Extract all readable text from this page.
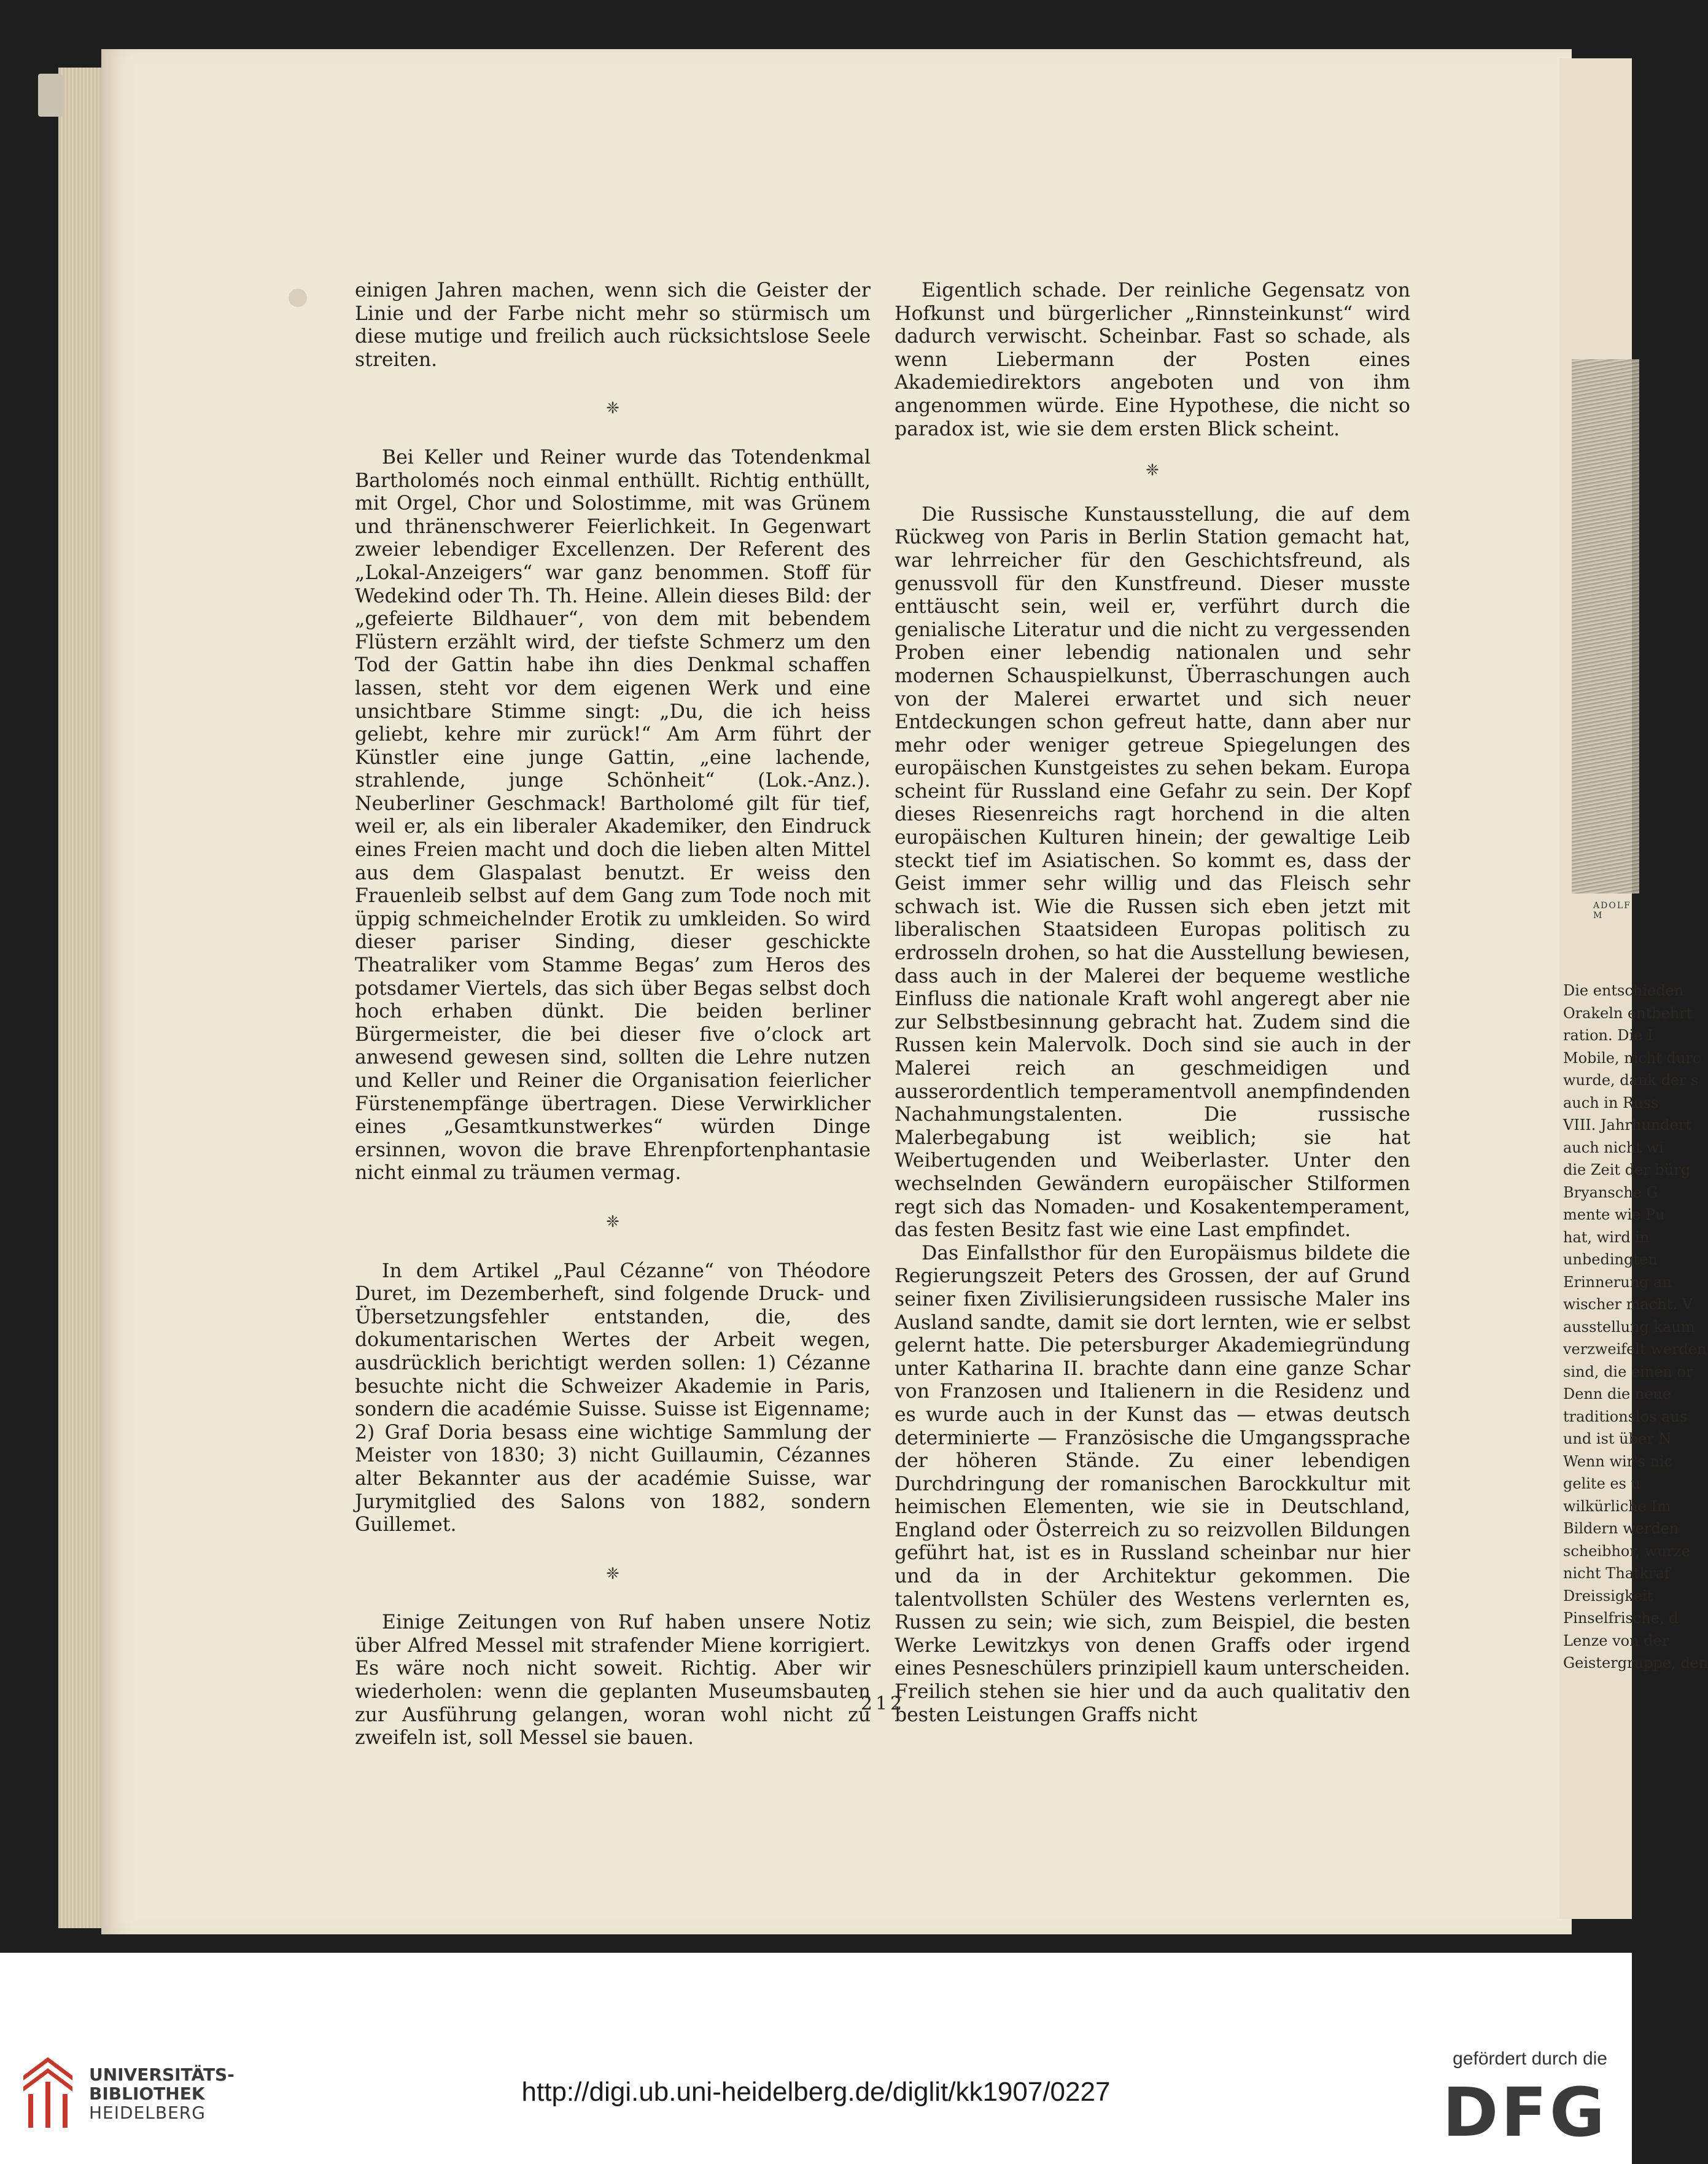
ADOLF M
Die entschieden
Orakeln entbehrt
ration. Die I
Mobile, nicht durc
wurde, dank der s
auch in Russ
VIII. Jahrhundert
auch nicht wi
die Zeit der bürg
Bryansche G
mente wie Pu
hat, wird in
unbedingten
Erinnerung an
wischer macht. V
ausstellung kaum
verzweifelt werden
sind, die einen or
Denn die neue
traditionslos aus
und ist über N
Wenn wir's nic
gelite es u
wilkürliche Im
Bildern werden
scheibhor, wurze
nicht Thatkraf
Dreissigkeit
Pinselfrische, d
Lenze von der
Geistergruppe, den

einigen Jahren machen, wenn sich die Geister der Linie und der Farbe nicht mehr so stürmisch um diese mutige und freilich auch rücksichtslose Seele streiten.

❈

Bei Keller und Reiner wurde das Totendenkmal Bartholomés noch einmal enthüllt. Richtig enthüllt, mit Orgel, Chor und Solostimme, mit was Grünem und thränenschwerer Feierlichkeit. In Gegenwart zweier lebendiger Excellenzen. Der Referent des „Lokal-Anzeigers“ war ganz benommen. Stoff für Wedekind oder Th. Th. Heine. Allein dieses Bild: der „gefeierte Bildhauer“, von dem mit bebendem Flüstern erzählt wird, der tiefste Schmerz um den Tod der Gattin habe ihn dies Denkmal schaffen lassen, steht vor dem eigenen Werk und eine unsichtbare Stimme singt: „Du, die ich heiss geliebt, kehre mir zurück!“ Am Arm führt der Künstler eine junge Gattin, „eine lachende, strahlende, junge Schönheit“ (Lok.-Anz.). Neuberliner Geschmack! Bartholomé gilt für tief, weil er, als ein liberaler Akademiker, den Eindruck eines Freien macht und doch die lieben alten Mittel aus dem Glaspalast benutzt. Er weiss den Frauenleib selbst auf dem Gang zum Tode noch mit üppig schmeichelnder Erotik zu umkleiden. So wird dieser pariser Sinding, dieser geschickte Theatraliker vom Stamme Begas’ zum Heros des potsdamer Viertels, das sich über Begas selbst doch hoch erhaben dünkt. Die beiden berliner Bürgermeister, die bei dieser five o’clock art anwesend gewesen sind, sollten die Lehre nutzen und Keller und Reiner die Organisation feierlicher Fürstenempfänge übertragen. Diese Verwirklicher eines „Gesamtkunstwerkes“ würden Dinge ersinnen, wovon die brave Ehrenpfortenphantasie nicht einmal zu träumen vermag.

❈

In dem Artikel „Paul Cézanne“ von Théodore Duret, im Dezemberheft, sind folgende Druck- und Übersetzungsfehler entstanden, die, des dokumentarischen Wertes der Arbeit wegen, ausdrücklich berichtigt werden sollen: 1) Cézanne besuchte nicht die Schweizer Akademie in Paris, sondern die académie Suisse. Suisse ist Eigenname; 2) Graf Doria besass eine wichtige Sammlung der Meister von 1830; 3) nicht Guillaumin, Cézannes alter Bekannter aus der académie Suisse, war Jurymitglied des Salons von 1882, sondern Guillemet.

❈

Einige Zeitungen von Ruf haben unsere Notiz über Alfred Messel mit strafender Miene korrigiert. Es wäre noch nicht soweit. Richtig. Aber wir wiederholen: wenn die geplanten Museumsbauten zur Ausführung gelangen, woran wohl nicht zu zweifeln ist, soll Messel sie bauen.

Eigentlich schade. Der reinliche Gegensatz von Hofkunst und bürgerlicher „Rinnsteinkunst“ wird dadurch verwischt. Scheinbar. Fast so schade, als wenn Liebermann der Posten eines Akademiedirektors angeboten und von ihm angenommen würde. Eine Hypothese, die nicht so paradox ist, wie sie dem ersten Blick scheint.

❈

Die Russische Kunstausstellung, die auf dem Rückweg von Paris in Berlin Station gemacht hat, war lehrreicher für den Geschichtsfreund, als genussvoll für den Kunstfreund. Dieser musste enttäuscht sein, weil er, verführt durch die genialische Literatur und die nicht zu vergessenden Proben einer lebendig nationalen und sehr modernen Schauspielkunst, Überraschungen auch von der Malerei erwartet und sich neuer Entdeckungen schon gefreut hatte, dann aber nur mehr oder weniger getreue Spiegelungen des europäischen Kunstgeistes zu sehen bekam. Europa scheint für Russland eine Gefahr zu sein. Der Kopf dieses Riesenreichs ragt horchend in die alten europäischen Kulturen hinein; der gewaltige Leib steckt tief im Asiatischen. So kommt es, dass der Geist immer sehr willig und das Fleisch sehr schwach ist. Wie die Russen sich eben jetzt mit liberalischen Staatsideen Europas politisch zu erdrosseln drohen, so hat die Ausstellung bewiesen, dass auch in der Malerei der bequeme westliche Einfluss die nationale Kraft wohl angeregt aber nie zur Selbstbesinnung gebracht hat. Zudem sind die Russen kein Malervolk. Doch sind sie auch in der Malerei reich an geschmeidigen und ausserordentlich temperamentvoll anempfindenden Nachahmungstalenten. Die russische Malerbegabung ist weiblich; sie hat Weibertugenden und Weiberlaster. Unter den wechselnden Gewändern europäischer Stilformen regt sich das Nomaden- und Kosakentemperament, das festen Besitz fast wie eine Last empfindet.

Das Einfallsthor für den Europäismus bildete die Regierungszeit Peters des Grossen, der auf Grund seiner fixen Zivilisierungsideen russische Maler ins Ausland sandte, damit sie dort lernten, wie er selbst gelernt hatte. Die petersburger Akademiegründung unter Katharina II. brachte dann eine ganze Schar von Franzosen und Italienern in die Residenz und es wurde auch in der Kunst das — etwas deutsch determinierte — Französische die Umgangssprache der höheren Stände. Zu einer lebendigen Durchdringung der romanischen Barockkultur mit heimischen Elementen, wie sie in Deutschland, England oder Österreich zu so reizvollen Bildungen geführt hat, ist es in Russland scheinbar nur hier und da in der Architektur gekommen. Die talentvollsten Schüler des Westens verlernten es, Russen zu sein; wie sich, zum Beispiel, die besten Werke Lewitzkys von denen Graffs oder irgend eines Pesneschülers prinzipiell kaum unterscheiden. Freilich stehen sie hier und da auch qualitativ den besten Leistungen Graffs nicht

212
UNIVERSITÄTS-
BIBLIOTHEK
HEIDELBERG
http://digi.ub.uni-heidelberg.de/diglit/kk1907/0227
gefördert durch die
DFG
